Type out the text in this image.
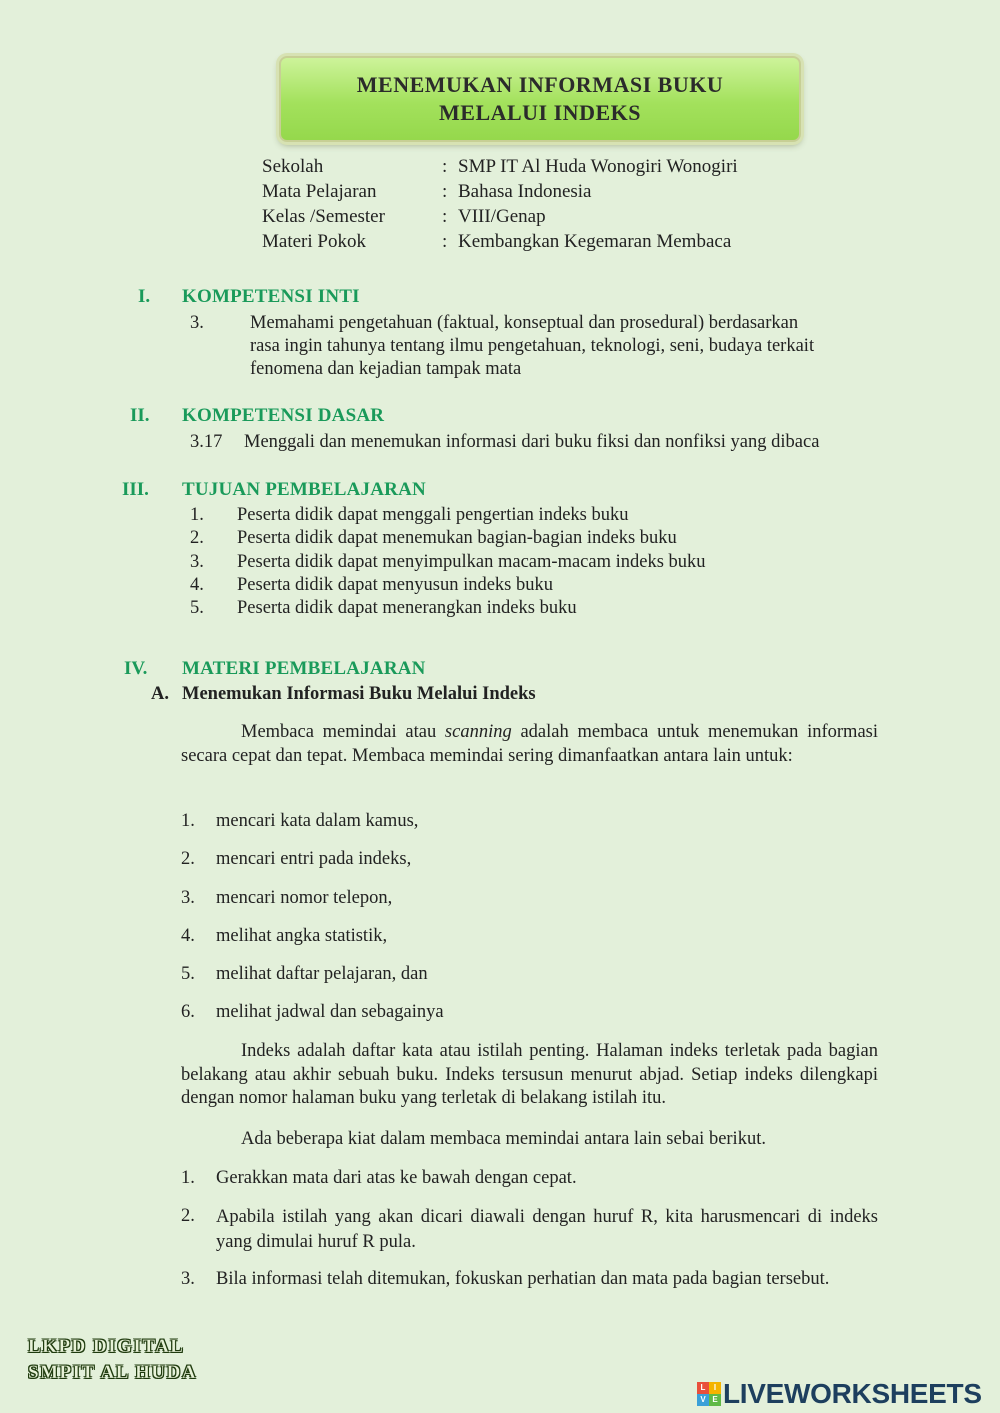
MENEMUKAN INFORMASI BUKU
MELALUI INDEKS
Sekolah	: SMP IT Al Huda Wonogiri Wonogiri
Mata Pelajaran	: Bahasa Indonesia
Kelas /Semester	: VIII/Genap
Materi Pokok	: Kembangkan Kegemaran Membaca
I. KOMPETENSI INTI
3. Memahami pengetahuan (faktual, konseptual dan prosedural) berdasarkan
rasa ingin tahunya tentang ilmu pengetahuan, teknologi, seni, budaya terkait
fenomena dan kejadian tampak mata
II. KOMPETENSI DASAR
3.17 Menggali dan menemukan informasi dari buku fiksi dan nonfiksi yang dibaca
III. TUJUAN PEMBELAJARAN
1. Peserta didik dapat menggali pengertian indeks buku
2. Peserta didik dapat menemukan bagian-bagian indeks buku
3. Peserta didik dapat menyimpulkan macam-macam indeks buku
4. Peserta didik dapat menyusun indeks buku
5. Peserta didik dapat menerangkan indeks buku
IV. MATERI PEMBELAJARAN
A. Menemukan Informasi Buku Melalui Indeks
Membaca memindai atau scanning adalah membaca untuk menemukan informasi secara cepat dan tepat. Membaca memindai sering dimanfaatkan antara lain untuk:
1. mencari kata dalam kamus,
2. mencari entri pada indeks,
3. mencari nomor telepon,
4. melihat angka statistik,
5. melihat daftar pelajaran, dan
6. melihat jadwal dan sebagainya
Indeks adalah daftar kata atau istilah penting. Halaman indeks terletak pada bagian belakang atau akhir sebuah buku. Indeks tersusun menurut abjad. Setiap indeks dilengkapi dengan nomor halaman buku yang terletak di belakang istilah itu.
Ada beberapa kiat dalam membaca memindai antara lain sebai berikut.
1. Gerakkan mata dari atas ke bawah dengan cepat.
2. Apabila istilah yang akan dicari diawali dengan huruf R, kita harusmencari di indeks yang dimulai huruf R pula.
3. Bila informasi telah ditemukan, fokuskan perhatian dan mata pada bagian tersebut.
LKPD DIGITAL
SMPIT AL HUDA
L	I
V E LIVEWORKSHEETS
